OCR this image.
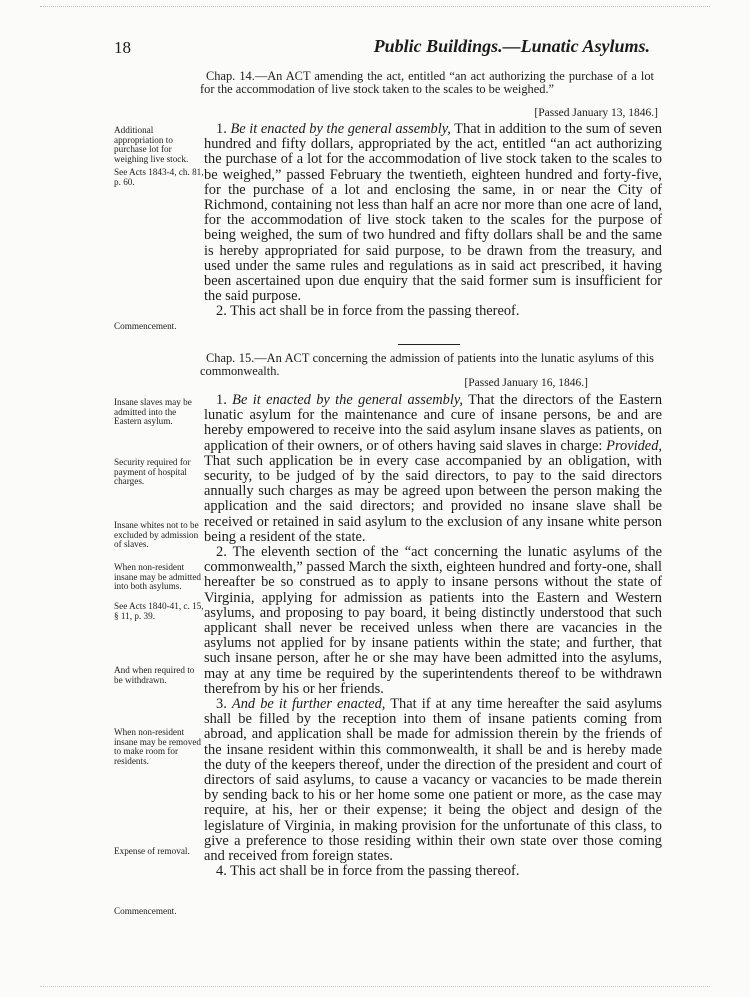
18	Public Buildings.—Lunatic Asylums.
Chap. 14.—An ACT amending the act, entitled “an act authorizing the purchase of a lot for the accommodation of live stock taken to the scales to be weighed.”
[Passed January 13, 1846.]

1. Be it enacted by the general assembly, That in addition to the sum of seven hundred and fifty dollars, appropriated by the act, entitled “an act authorizing the purchase of a lot for the accommodation of live stock taken to the scales to be weighed,” passed February the twentieth, eighteen hundred and forty-five, for the purchase of a lot and enclosing the same, in or near the City of Richmond, containing not less than half an acre nor more than one acre of land, for the accommodation of live stock taken to the scales for the purpose of being weighed, the sum of two hundred and fifty dollars shall be and the same is hereby appropriated for said purpose, to be drawn from the treasury, and used under the same rules and regulations as in said act prescribed, it having been ascertained upon due enquiry that the said former sum is insufficient for the said purpose.

2. This act shall be in force from the passing thereof.

Chap. 15.—An ACT concerning the admission of patients into the lunatic asylums of this commonwealth.
[Passed January 16, 1846.]

1. Be it enacted by the general assembly, That the directors of the Eastern lunatic asylum for the maintenance and cure of insane persons, be and are hereby empowered to receive into the said asylum insane slaves as patients, on application of their owners, or of others having said slaves in charge: Provided, That such application be in every case accompanied by an obligation, with security, to be judged of by the said directors, to pay to the said directors annually such charges as may be agreed upon between the person making the application and the said directors; and provided no insane slave shall be received or retained in said asylum to the exclusion of any insane white person being a resident of the state.

2. The eleventh section of the “act concerning the lunatic asylums of the commonwealth,” passed March the sixth, eighteen hundred and forty-one, shall hereafter be so construed as to apply to insane persons without the state of Virginia, applying for admission as patients into the Eastern and Western asylums, and proposing to pay board, it being distinctly understood that such applicant shall never be received unless when there are vacancies in the asylums not applied for by insane patients within the state; and further, that such insane person, after he or she may have been admitted into the asylums, may at any time be required by the superintendents thereof to be withdrawn therefrom by his or her friends.

3. And be it further enacted, That if at any time hereafter the said asylums shall be filled by the reception into them of insane patients coming from abroad, and application shall be made for admission therein by the friends of the insane resident within this commonwealth, it shall be and is hereby made the duty of the keepers thereof, under the direction of the president and court of directors of said asylums, to cause a vacancy or vacancies to be made therein by sending back to his or her home some one patient or more, as the case may require, at his, her or their expense; it being the object and design of the legislature of Virginia, in making provision for the unfortunate of this class, to give a preference to those residing within their own state over those coming and received from foreign states.

4. This act shall be in force from the passing thereof.

Additional appropriation to purchase lot for weighing live stock.
See Acts 1843-4, ch. 81, p. 60.
Commencement.
Insane slaves may be admitted into the Eastern asylum.
Security required for payment of hospital charges.
Insane whites not to be excluded by admission of slaves.
When non-resident insane may be admitted into both asylums.
See Acts 1840-41, c. 15, § 11, p. 39.
And when required to be withdrawn.
When non-resident insane may be removed to make room for residents.
Expense of removal.
Commencement.
